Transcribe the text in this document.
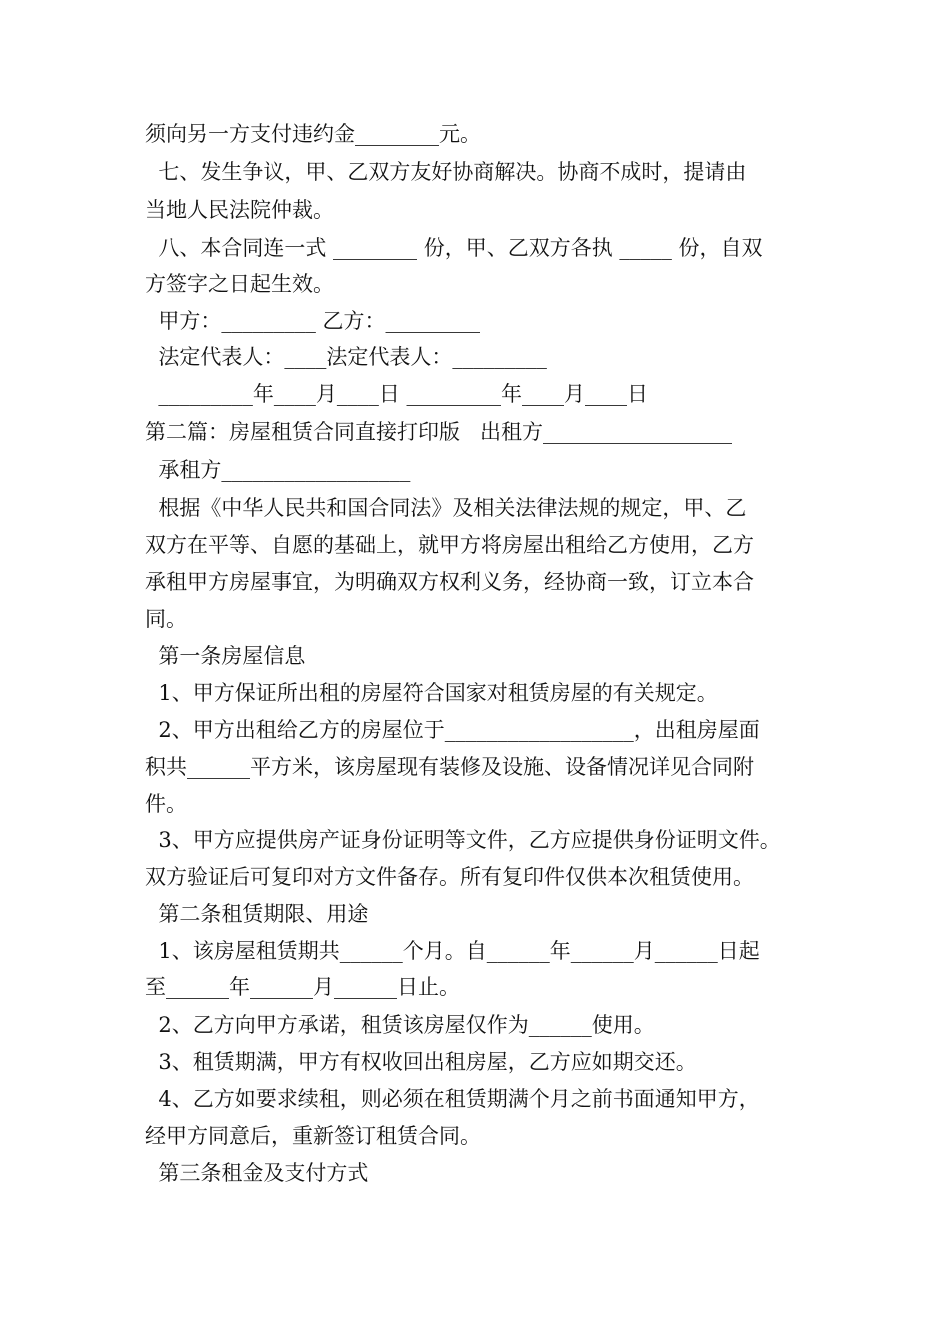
须向另一方支付违约金________元。
七、发生争议，甲、乙双方友好协商解决。协商不成时，提请由
当地人民法院仲裁。
八、本合同连一式 ________ 份，甲、乙双方各执 _____ 份，自双
方签字之日起生效。
甲方：_________ 乙方：_________
法定代表人：____法定代表人：_________
_________年____月____日 _________年____月____日
第二篇：房屋租赁合同直接打印版   出租方__________________
承租方__________________
根据《中华人民共和国合同法》及相关法律法规的规定，甲、乙
双方在平等、自愿的基础上，就甲方将房屋出租给乙方使用，乙方
承租甲方房屋事宜，为明确双方权利义务，经协商一致，订立本合
同。
第一条房屋信息
1、甲方保证所出租的房屋符合国家对租赁房屋的有关规定。
2、甲方出租给乙方的房屋位于__________________，出租房屋面
积共______平方米，该房屋现有装修及设施、设备情况详见合同附
件。
3、甲方应提供房产证身份证明等文件，乙方应提供身份证明文件。
双方验证后可复印对方文件备存。所有复印件仅供本次租赁使用。
第二条租赁期限、用途
1、该房屋租赁期共______个月。自______年______月______日起
至______年______月______日止。
2、乙方向甲方承诺，租赁该房屋仅作为______使用。
3、租赁期满，甲方有权收回出租房屋，乙方应如期交还。
4、乙方如要求续租，则必须在租赁期满个月之前书面通知甲方，
经甲方同意后，重新签订租赁合同。
第三条租金及支付方式
